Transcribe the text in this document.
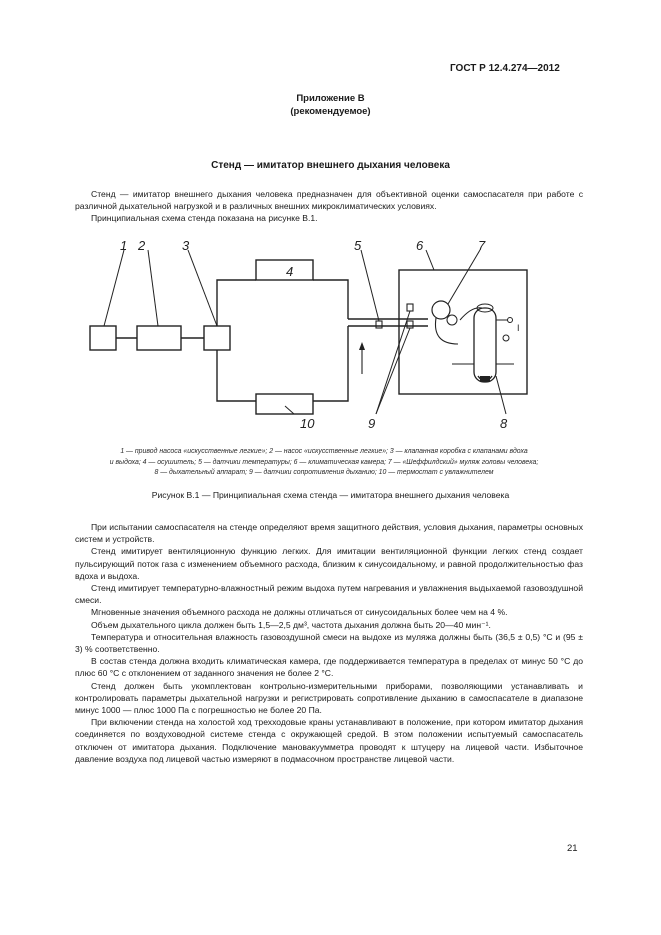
ГОСТ Р 12.4.274—2012
Приложение В
(рекомендуемое)
Стенд — имитатор внешнего дыхания человека
Стенд — имитатор внешнего дыхания человека предназначен для объективной оценки самоспасателя при работе с различной дыхательной нагрузкой и в различных внешних микроклиматических условиях.
Принципиальная схема стенда показана на рисунке В.1.
1 2	3
4
5	6	7
8
9
10
I
1 — привод насоса «искусственные легкие»; 2 — насос «искусственные легкие»; 3 — клапанная коробка с клапанами вдоха
и выдоха; 4 — осушитель; 5 — датчики температуры; 6 — климатическая камера; 7 — «Шеффилдский» муляж головы человека;
8 — дыхательный аппарат; 9 — датчики сопротивления дыханию; 10 — термостат с увлажнителем
Рисунок В.1 — Принципиальная схема стенда — имитатора внешнего дыхания человека
При испытании самоспасателя на стенде определяют время защитного действия, условия дыхания, параметры основных систем и устройств.
Стенд имитирует вентиляционную функцию легких. Для имитации вентиляционной функции легких стенд создает пульсирующий поток газа с изменением объемного расхода, близким к синусоидальному, и равной продолжительностью фаз вдоха и выдоха.
Стенд имитирует температурно-влажностный режим выдоха путем нагревания и увлажнения выдыхаемой газовоздушной смеси.
Мгновенные значения объемного расхода не должны отличаться от синусоидальных более чем на 4 %.
Объем дыхательного цикла должен быть 1,5—2,5 дм³, частота дыхания должна быть 20—40 мин⁻¹.
Температура и относительная влажность газовоздушной смеси на выдохе из муляжа должны быть (36,5 ± 0,5) °С и (95 ± 3) % соответственно.
В состав стенда должна входить климатическая камера, где поддерживается температура в пределах от минус 50 °С до плюс 60 °С с отклонением от заданного значения не более 2 °С.
Стенд должен быть укомплектован контрольно-измерительными приборами, позволяющими устанавливать и контролировать параметры дыхательной нагрузки и регистрировать сопротивление дыханию в самоспасателе в диапазоне минус 1000 — плюс 1000 Па с погрешностью не более 20 Па.
При включении стенда на холостой ход трехходовые краны устанавливают в положение, при котором имитатор дыхания соединяется по воздуховодной системе стенда с окружающей средой. В этом положении испытуемый самоспасатель отключен от имитатора дыхания. Подключение мановакуумметра проводят к штуцеру на лицевой части. Избыточное давление воздуха под лицевой частью измеряют в подмасочном пространстве лицевой части.
21
